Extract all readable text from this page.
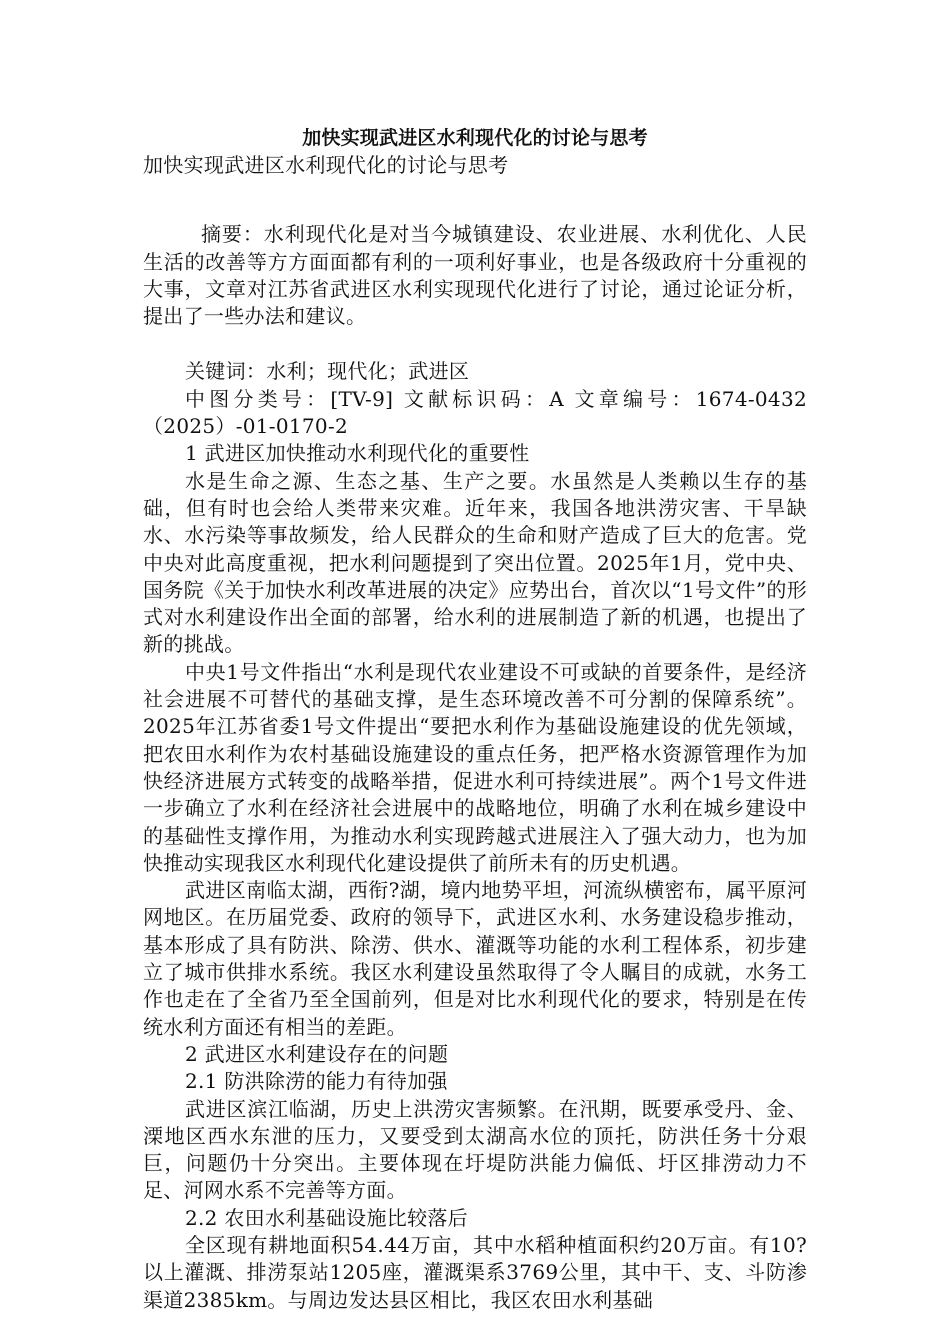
加快实现武进区水利现代化的讨论与思考

加快实现武进区水利现代化的讨论与思考

摘要：水利现代化是对当今城镇建设、农业进展、水利优化、人民生活的改善等方方面面都有利的一项利好事业，也是各级政府十分重视的大事，文章对江苏省武进区水利实现现代化进行了讨论，通过论证分析，提出了一些办法和建议。

关键词：水利；现代化；武进区

中图分类号：[TV-9] 文献标识码：A 文章编号：1674-0432（2025）-01-0170-2

1 武进区加快推动水利现代化的重要性

水是生命之源、生态之基、生产之要。水虽然是人类赖以生存的基础，但有时也会给人类带来灾难。近年来，我国各地洪涝灾害、干旱缺水、水污染等事故频发，给人民群众的生命和财产造成了巨大的危害。党中央对此高度重视，把水利问题提到了突出位置。2025年1月，党中央、国务院《关于加快水利改革进展的决定》应势出台，首次以“1号文件”的形式对水利建设作出全面的部署，给水利的进展制造了新的机遇，也提出了新的挑战。

中央1号文件指出“水利是现代农业建设不可或缺的首要条件，是经济社会进展不可替代的基础支撑，是生态环境改善不可分割的保障系统”。2025年江苏省委1号文件提出“要把水利作为基础设施建设的优先领域，把农田水利作为农村基础设施建设的重点任务，把严格水资源管理作为加快经济进展方式转变的战略举措，促进水利可持续进展”。两个1号文件进一步确立了水利在经济社会进展中的战略地位，明确了水利在城乡建设中的基础性支撑作用，为推动水利实现跨越式进展注入了强大动力，也为加快推动实现我区水利现代化建设提供了前所未有的历史机遇。

武进区南临太湖，西衔?湖，境内地势平坦，河流纵横密布，属平原河网地区。在历届党委、政府的领导下，武进区水利、水务建设稳步推动，基本形成了具有防洪、除涝、供水、灌溉等功能的水利工程体系，初步建立了城市供排水系统。我区水利建设虽然取得了令人瞩目的成就，水务工作也走在了全省乃至全国前列，但是对比水利现代化的要求，特别是在传统水利方面还有相当的差距。

2 武进区水利建设存在的问题

2.1 防洪除涝的能力有待加强

武进区滨江临湖，历史上洪涝灾害频繁。在汛期，既要承受丹、金、溧地区西水东泄的压力，又要受到太湖高水位的顶托，防洪任务十分艰巨，问题仍十分突出。主要体现在圩堤防洪能力偏低、圩区排涝动力不足、河网水系不完善等方面。

2.2 农田水利基础设施比较落后

全区现有耕地面积54.44万亩，其中水稻种植面积约20万亩。有10?以上灌溉、排涝泵站1205座，灌溉渠系3769公里，其中干、支、斗防渗渠道2385km。与周边发达县区相比，我区农田水利基础
